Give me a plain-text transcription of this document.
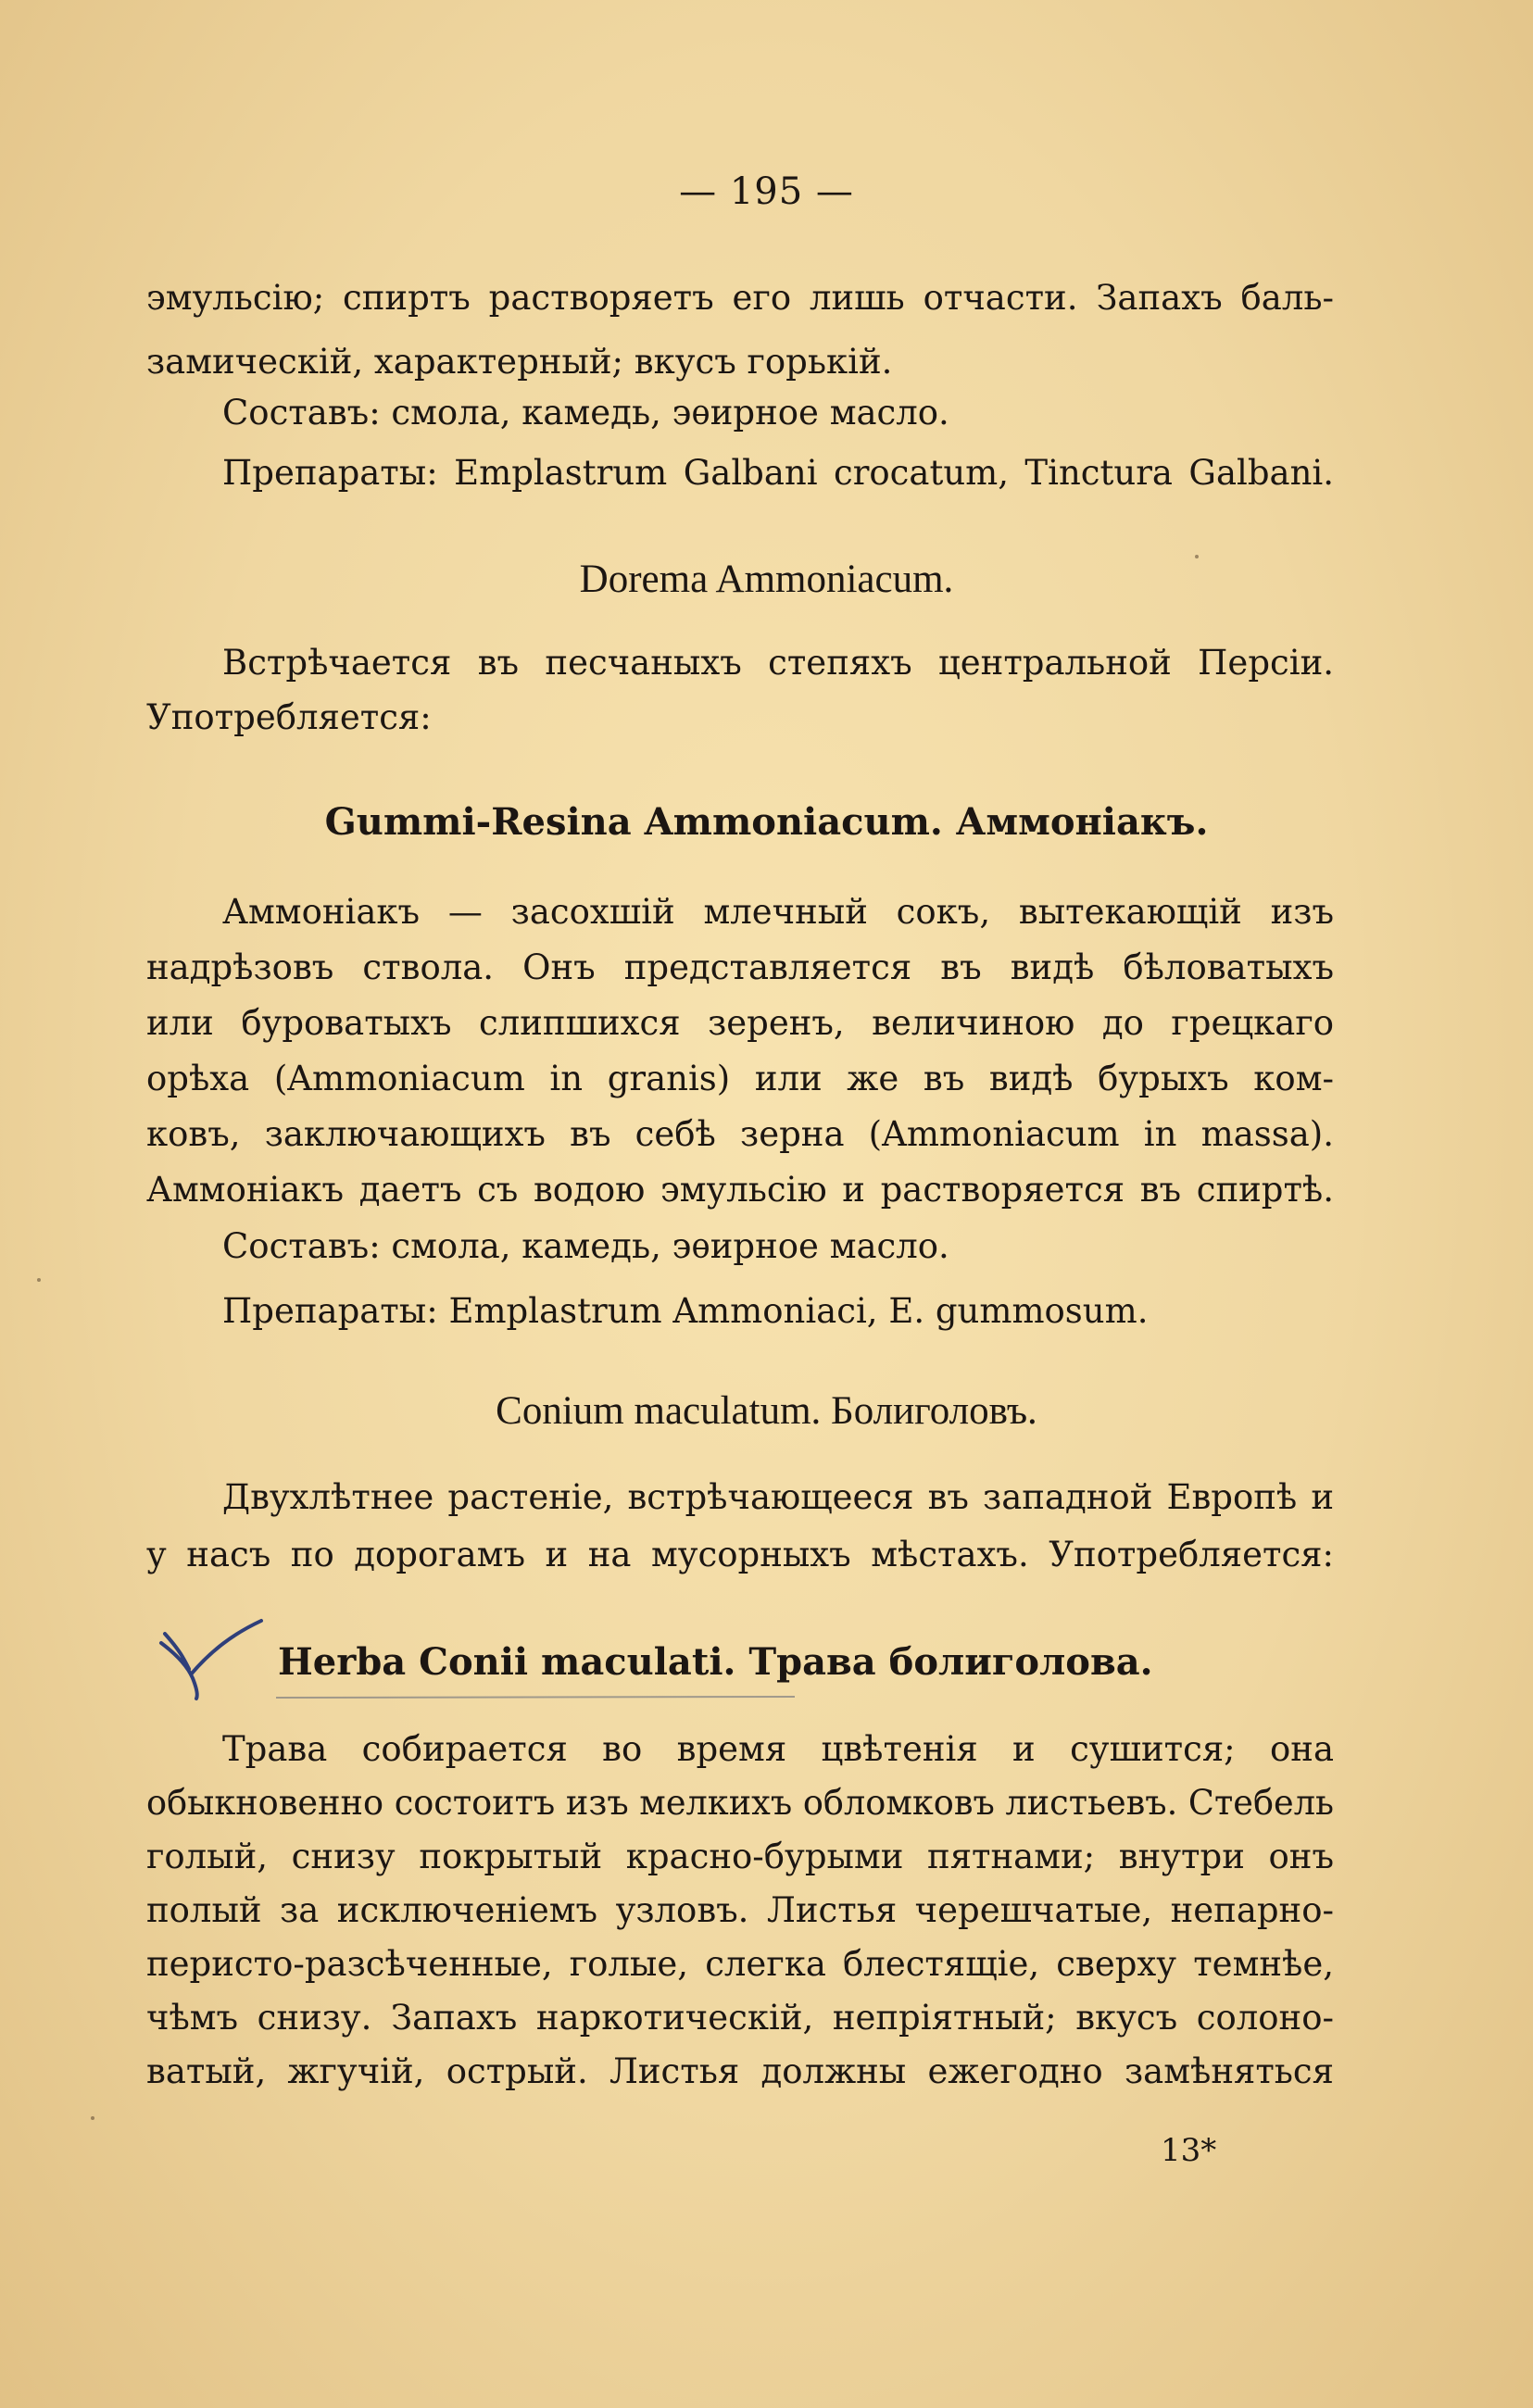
— 195 —
эмульсію; спиртъ растворяетъ его лишь отчасти. Запахъ баль-
замическій, характерный; вкусъ горькій.
Составъ: смола, камедь, эѳирное масло.
Препараты: Emplastrum Galbani crocatum, Tinctura Galbani.
Dorema Ammoniacum.
Встрѣчается въ песчаныхъ степяхъ центральной Персіи.
Употребляется:
Gummi-Resina Ammoniacum. Аммоніакъ.
Аммоніакъ — засохшій млечный сокъ, вытекающій изъ
надрѣзовъ ствола. Онъ представляется въ видѣ бѣловатыхъ
или буроватыхъ слипшихся зеренъ, величиною до грецкаго
орѣха (Ammoniacum in granis) или же въ видѣ бурыхъ ком-
ковъ, заключающихъ въ себѣ зерна (Ammoniacum in massa).
Аммоніакъ даетъ съ водою эмульсію и растворяется въ спиртѣ.
Составъ: смола, камедь, эѳирное масло.
Препараты: Emplastrum Ammoniaci, E. gummosum.
Conium maculatum. Болиголовъ.
Двухлѣтнее растеніе, встрѣчающееся въ западной Европѣ и
у насъ по дорогамъ и на мусорныхъ мѣстахъ. Употребляется:
Herba Conii maculati. Трава болиголова.
Трава собирается во время цвѣтенія и сушится; она
обыкновенно состоитъ изъ мелкихъ обломковъ листьевъ. Стебель
голый, снизу покрытый красно-бурыми пятнами; внутри онъ
полый за исключеніемъ узловъ. Листья черешчатые, непарно-
перисто-разсѣченные, голые, слегка блестящіе, сверху темнѣе,
чѣмъ снизу. Запахъ наркотическій, непріятный; вкусъ солоно-
ватый, жгучій, острый. Листья должны ежегодно замѣняться
13*
